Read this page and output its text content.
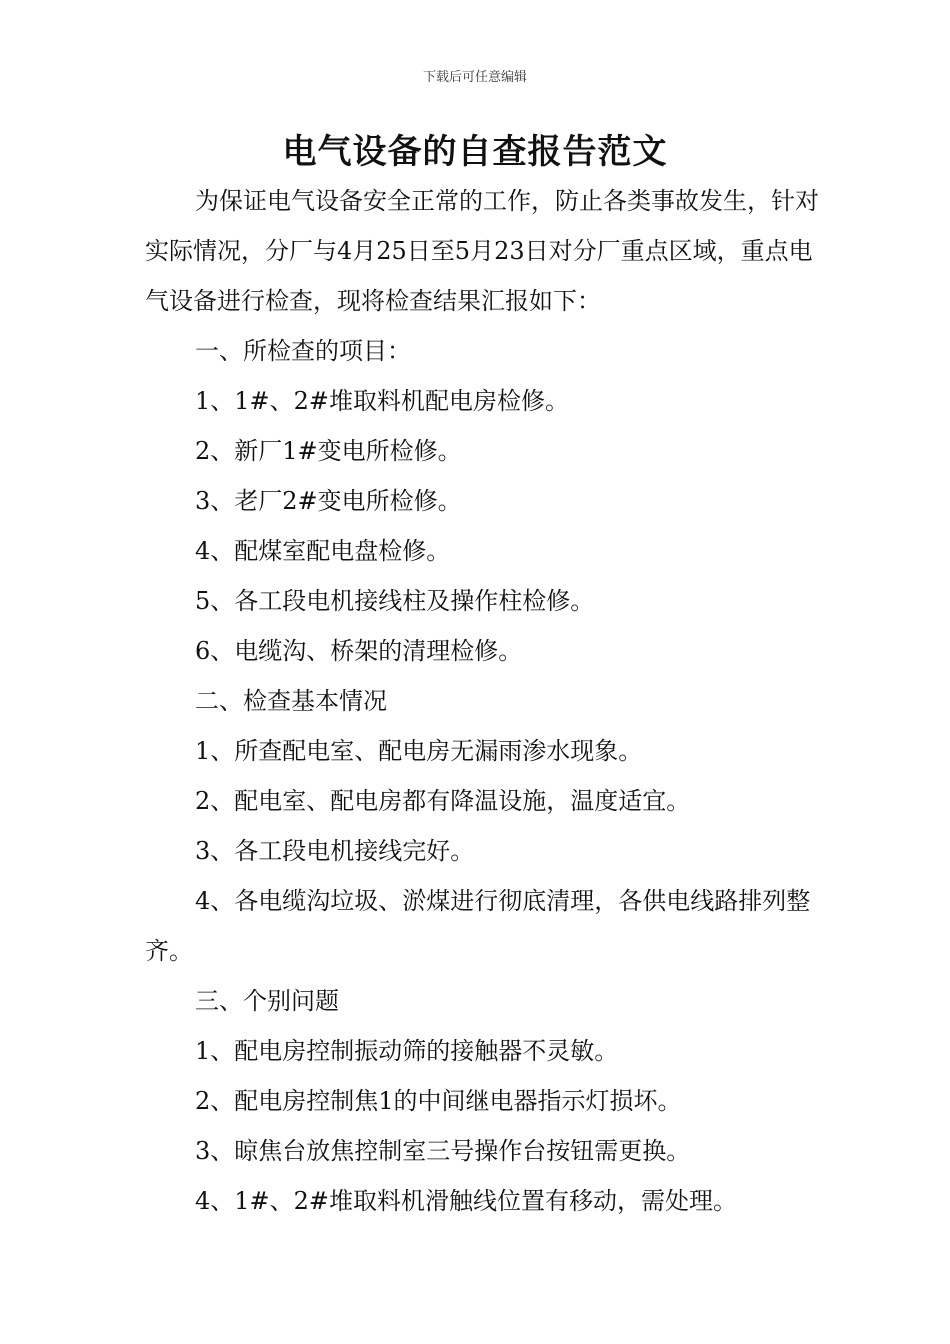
下载后可任意编辑
电气设备的自查报告范文

为保证电气设备安全正常的工作，防止各类事故发生，针对实际情况，分厂与4月25日至5月23日对分厂重点区域，重点电气设备进行检查，现将检查结果汇报如下：

一、所检查的项目：

1、1#、2#堆取料机配电房检修。

2、新厂1#变电所检修。

3、老厂2#变电所检修。

4、配煤室配电盘检修。

5、各工段电机接线柱及操作柱检修。

6、电缆沟、桥架的清理检修。

二、检查基本情况

1、所查配电室、配电房无漏雨渗水现象。

2、配电室、配电房都有降温设施，温度适宜。

3、各工段电机接线完好。

4、各电缆沟垃圾、淤煤进行彻底清理，各供电线路排列整齐。

三、个别问题

1、配电房控制振动筛的接触器不灵敏。

2、配电房控制焦1的中间继电器指示灯损坏。

3、晾焦台放焦控制室三号操作台按钮需更换。

4、1#、2#堆取料机滑触线位置有移动，需处理。
